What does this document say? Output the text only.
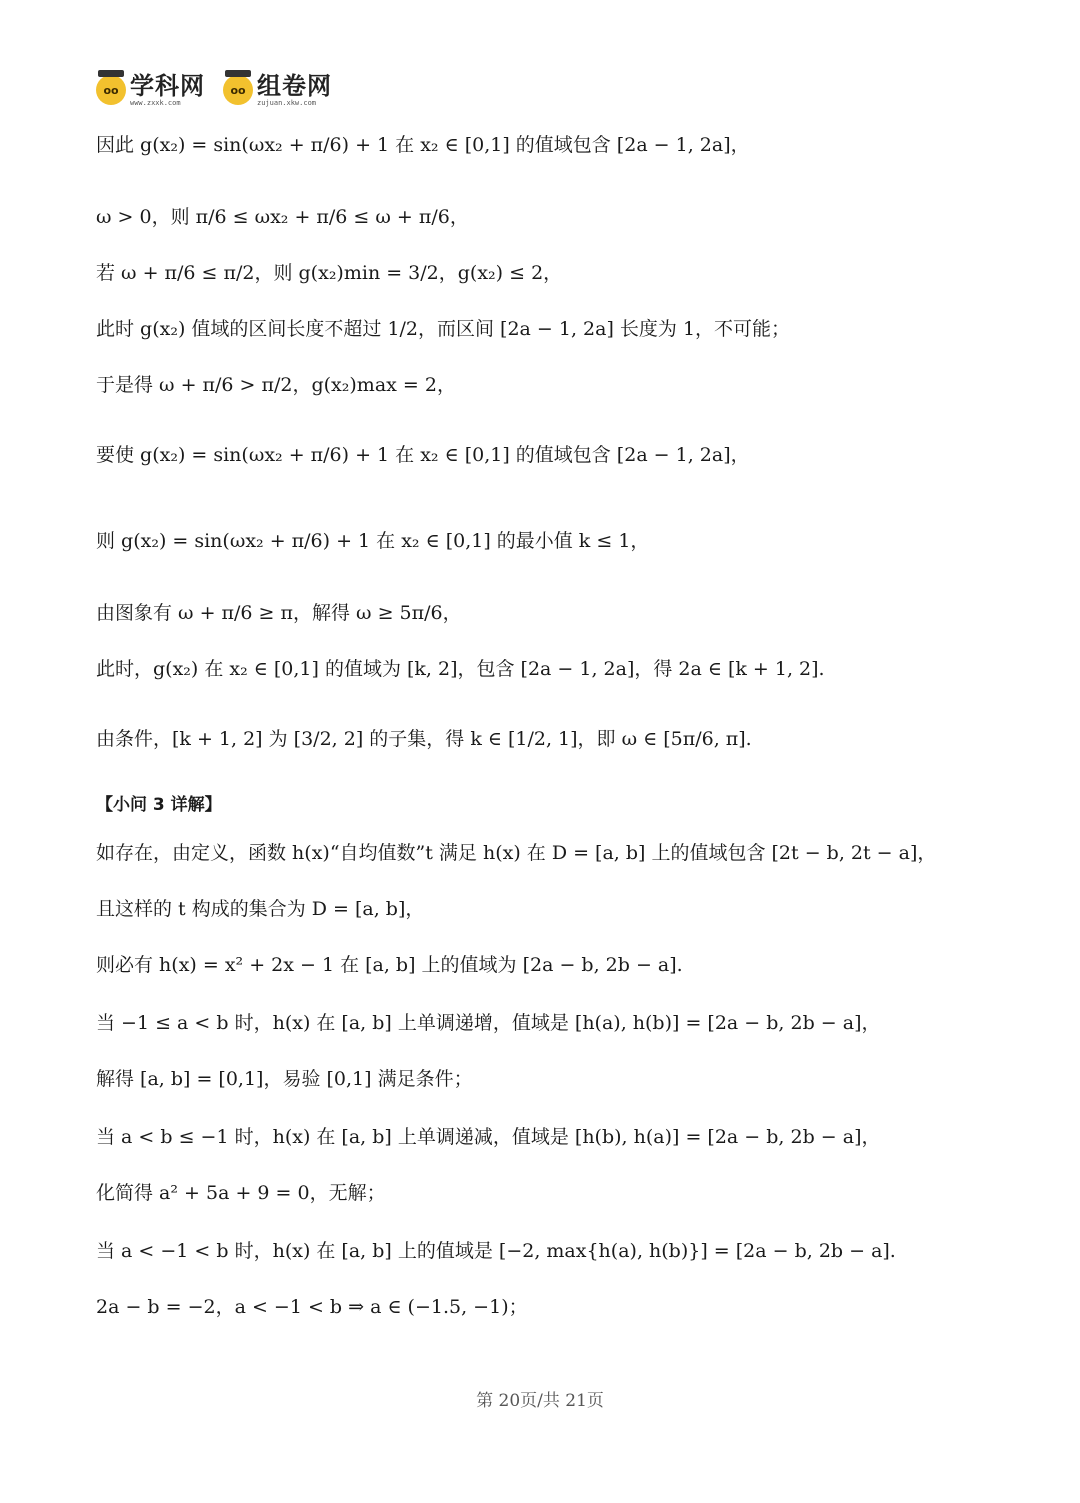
oo 学科网
www.zxxk.com
oo 组卷网
zujuan.xkw.com
因此 g(x₂) = sin(ωx₂ + π/6) + 1 在 x₂ ∈ [0,1] 的值域包含 [2a − 1, 2a]，
ω > 0，则 π/6 ≤ ωx₂ + π/6 ≤ ω + π/6，
若 ω + π/6 ≤ π/2，则 g(x₂)min = 3/2，g(x₂) ≤ 2，
此时 g(x₂) 值域的区间长度不超过 1/2，而区间 [2a − 1, 2a] 长度为 1，不可能；
于是得 ω + π/6 > π/2，g(x₂)max = 2，
要使 g(x₂) = sin(ωx₂ + π/6) + 1 在 x₂ ∈ [0,1] 的值域包含 [2a − 1, 2a]，
则 g(x₂) = sin(ωx₂ + π/6) + 1 在 x₂ ∈ [0,1] 的最小值 k ≤ 1，
由图象有 ω + π/6 ≥ π，解得 ω ≥ 5π/6，
此时，g(x₂) 在 x₂ ∈ [0,1] 的值域为 [k, 2]，包含 [2a − 1, 2a]，得 2a ∈ [k + 1, 2].
由条件，[k + 1, 2] 为 [3/2, 2] 的子集，得 k ∈ [1/2, 1]，即 ω ∈ [5π/6, π].
【小问 3 详解】
如存在，由定义，函数 h(x)“自均值数”t 满足 h(x) 在 D = [a, b] 上的值域包含 [2t − b, 2t − a]，
且这样的 t 构成的集合为 D = [a, b]，
则必有 h(x) = x² + 2x − 1 在 [a, b] 上的值域为 [2a − b, 2b − a].
当 −1 ≤ a < b 时，h(x) 在 [a, b] 上单调递增，值域是 [h(a), h(b)] = [2a − b, 2b − a]，
解得 [a, b] = [0,1]，易验 [0,1] 满足条件；
当 a < b ≤ −1 时，h(x) 在 [a, b] 上单调递减，值域是 [h(b), h(a)] = [2a − b, 2b − a]，
化简得 a² + 5a + 9 = 0，无解；
当 a < −1 < b 时，h(x) 在 [a, b] 上的值域是 [−2, max{h(a), h(b)}] = [2a − b, 2b − a].
2a − b = −2，a < −1 < b ⇒ a ∈ (−1.5, −1)；
第 20页/共 21页
